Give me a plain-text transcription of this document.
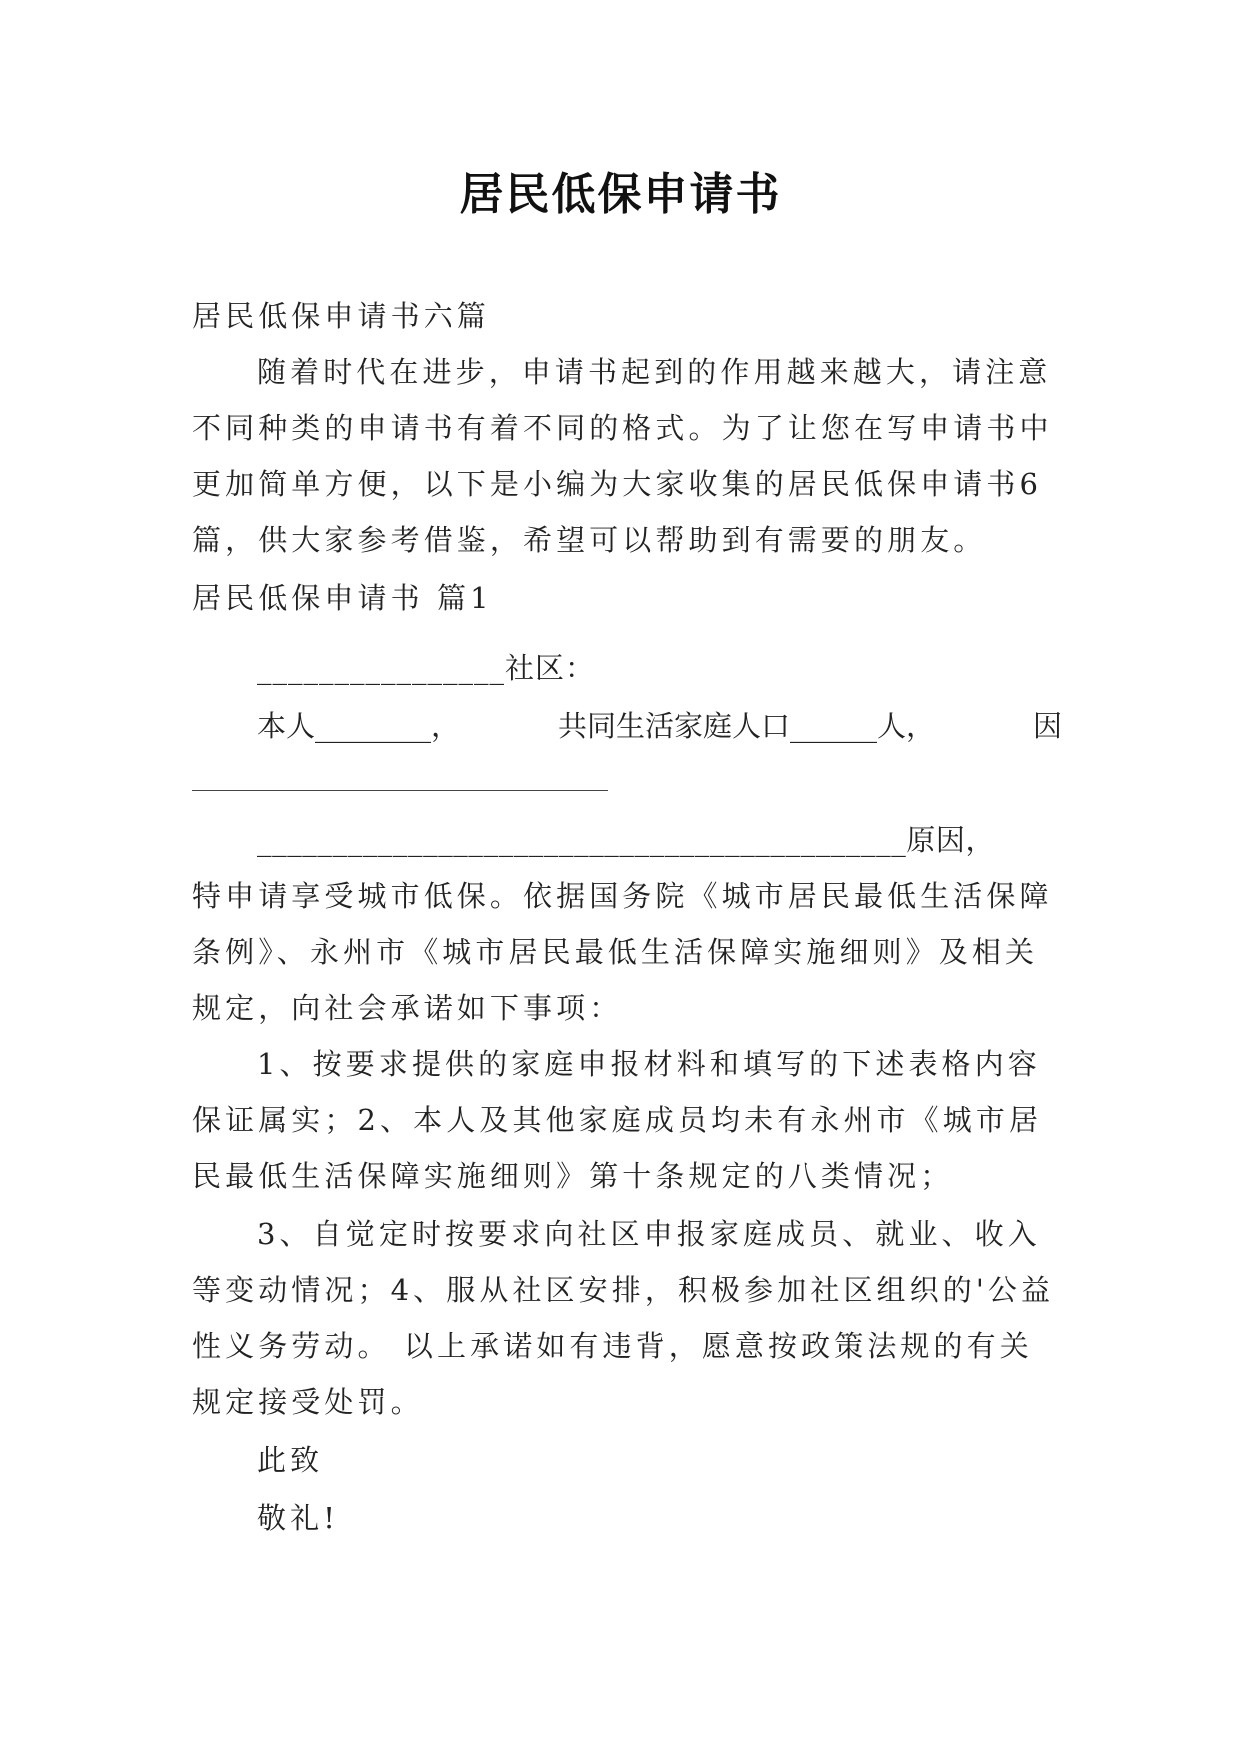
居民低保申请书
居民低保申请书六篇
随着时代在进步，申请书起到的作用越来越大，请注意
不同种类的申请书有着不同的格式。为了让您在写申请书中
更加简单方便，以下是小编为大家收集的居民低保申请书6
篇，供大家参考借鉴，希望可以帮助到有需要的朋友。
居民低保申请书 篇1
________________社区：
本人________，	共同生活家庭人口______人，	因
___________________________________________原因，
特申请享受城市低保。依据国务院《城市居民最低生活保障
条例》、永州市《城市居民最低生活保障实施细则》及相关
规定，向社会承诺如下事项：
1、按要求提供的家庭申报材料和填写的下述表格内容
保证属实；2、本人及其他家庭成员均未有永州市《城市居
民最低生活保障实施细则》第十条规定的八类情况；
3、自觉定时按要求向社区申报家庭成员、就业、收入
等变动情况；4、服从社区安排，积极参加社区组织的'公益
性义务劳动。 以上承诺如有违背，愿意按政策法规的有关
规定接受处罚。
此致
敬礼!
